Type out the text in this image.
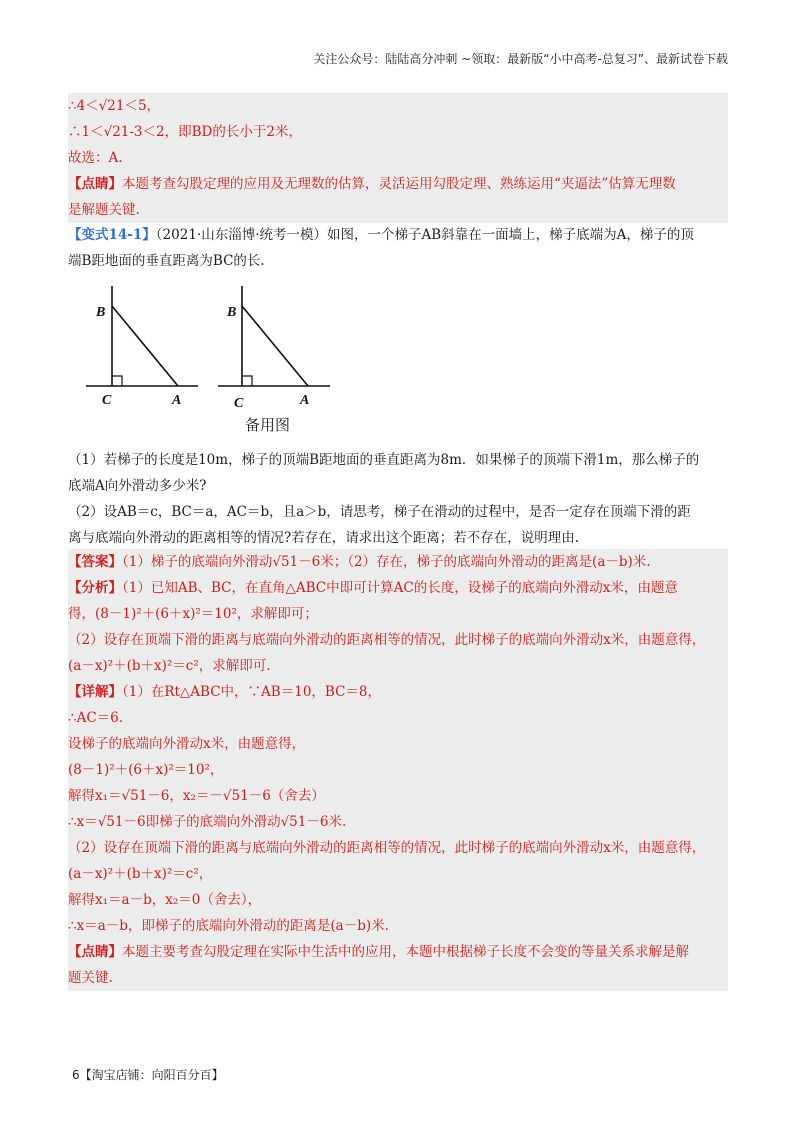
关注公众号：陆陆高分冲刺 ~领取：最新版“小中高考-总复习”、最新试卷下载
∴4＜√21＜5，
∴1＜√21-3＜2，即BD的长小于2米，
故选：A.
【点睛】本题考查勾股定理的应用及无理数的估算，灵活运用勾股定理、熟练运用“夹逼法”估算无理数
是解题关键.
【变式14-1】（2021·山东淄博·统考一模）如图，一个梯子AB斜靠在一面墙上，梯子底端为A，梯子的顶
端B距地面的垂直距离为BC的长.
B
C	A
B
C	A
备用图
（1）若梯子的长度是10m，梯子的顶端B距地面的垂直距离为8m．如果梯子的顶端下滑1m，那么梯子的
底端A向外滑动多少米?
（2）设AB＝c，BC＝a，AC＝b，且a＞b，请思考，梯子在滑动的过程中，是否一定存在顶端下滑的距
离与底端向外滑动的距离相等的情况?若存在，请求出这个距离；若不存在，说明理由.
【答案】（1）梯子的底端向外滑动√51－6米；（2）存在，梯子的底端向外滑动的距离是(a－b)米.
【分析】（1）已知AB、BC，在直角△ABC中即可计算AC的长度，设梯子的底端向外滑动x米，由题意
得，(8－1)²＋(6＋x)²＝10²，求解即可；
（2）设存在顶端下滑的距离与底端向外滑动的距离相等的情况，此时梯子的底端向外滑动x米，由题意得，
(a－x)²＋(b＋x)²＝c²，求解即可.
【详解】（1）在Rt△ABC中，∵AB＝10，BC＝8，
∴AC＝6.
设梯子的底端向外滑动x米，由题意得，
(8－1)²＋(6＋x)²＝10²，
解得x₁＝√51－6，x₂＝－√51－6（舍去）
∴x＝√51－6即梯子的底端向外滑动√51－6米.
（2）设存在顶端下滑的距离与底端向外滑动的距离相等的情况，此时梯子的底端向外滑动x米，由题意得，
(a－x)²＋(b＋x)²＝c²，
解得x₁＝a－b，x₂＝0（舍去），
∴x＝a－b，即梯子的底端向外滑动的距离是(a－b)米.
【点睛】本题主要考查勾股定理在实际中生活中的应用，本题中根据梯子长度不会变的等量关系求解是解
题关键.
6【淘宝店铺：向阳百分百】
